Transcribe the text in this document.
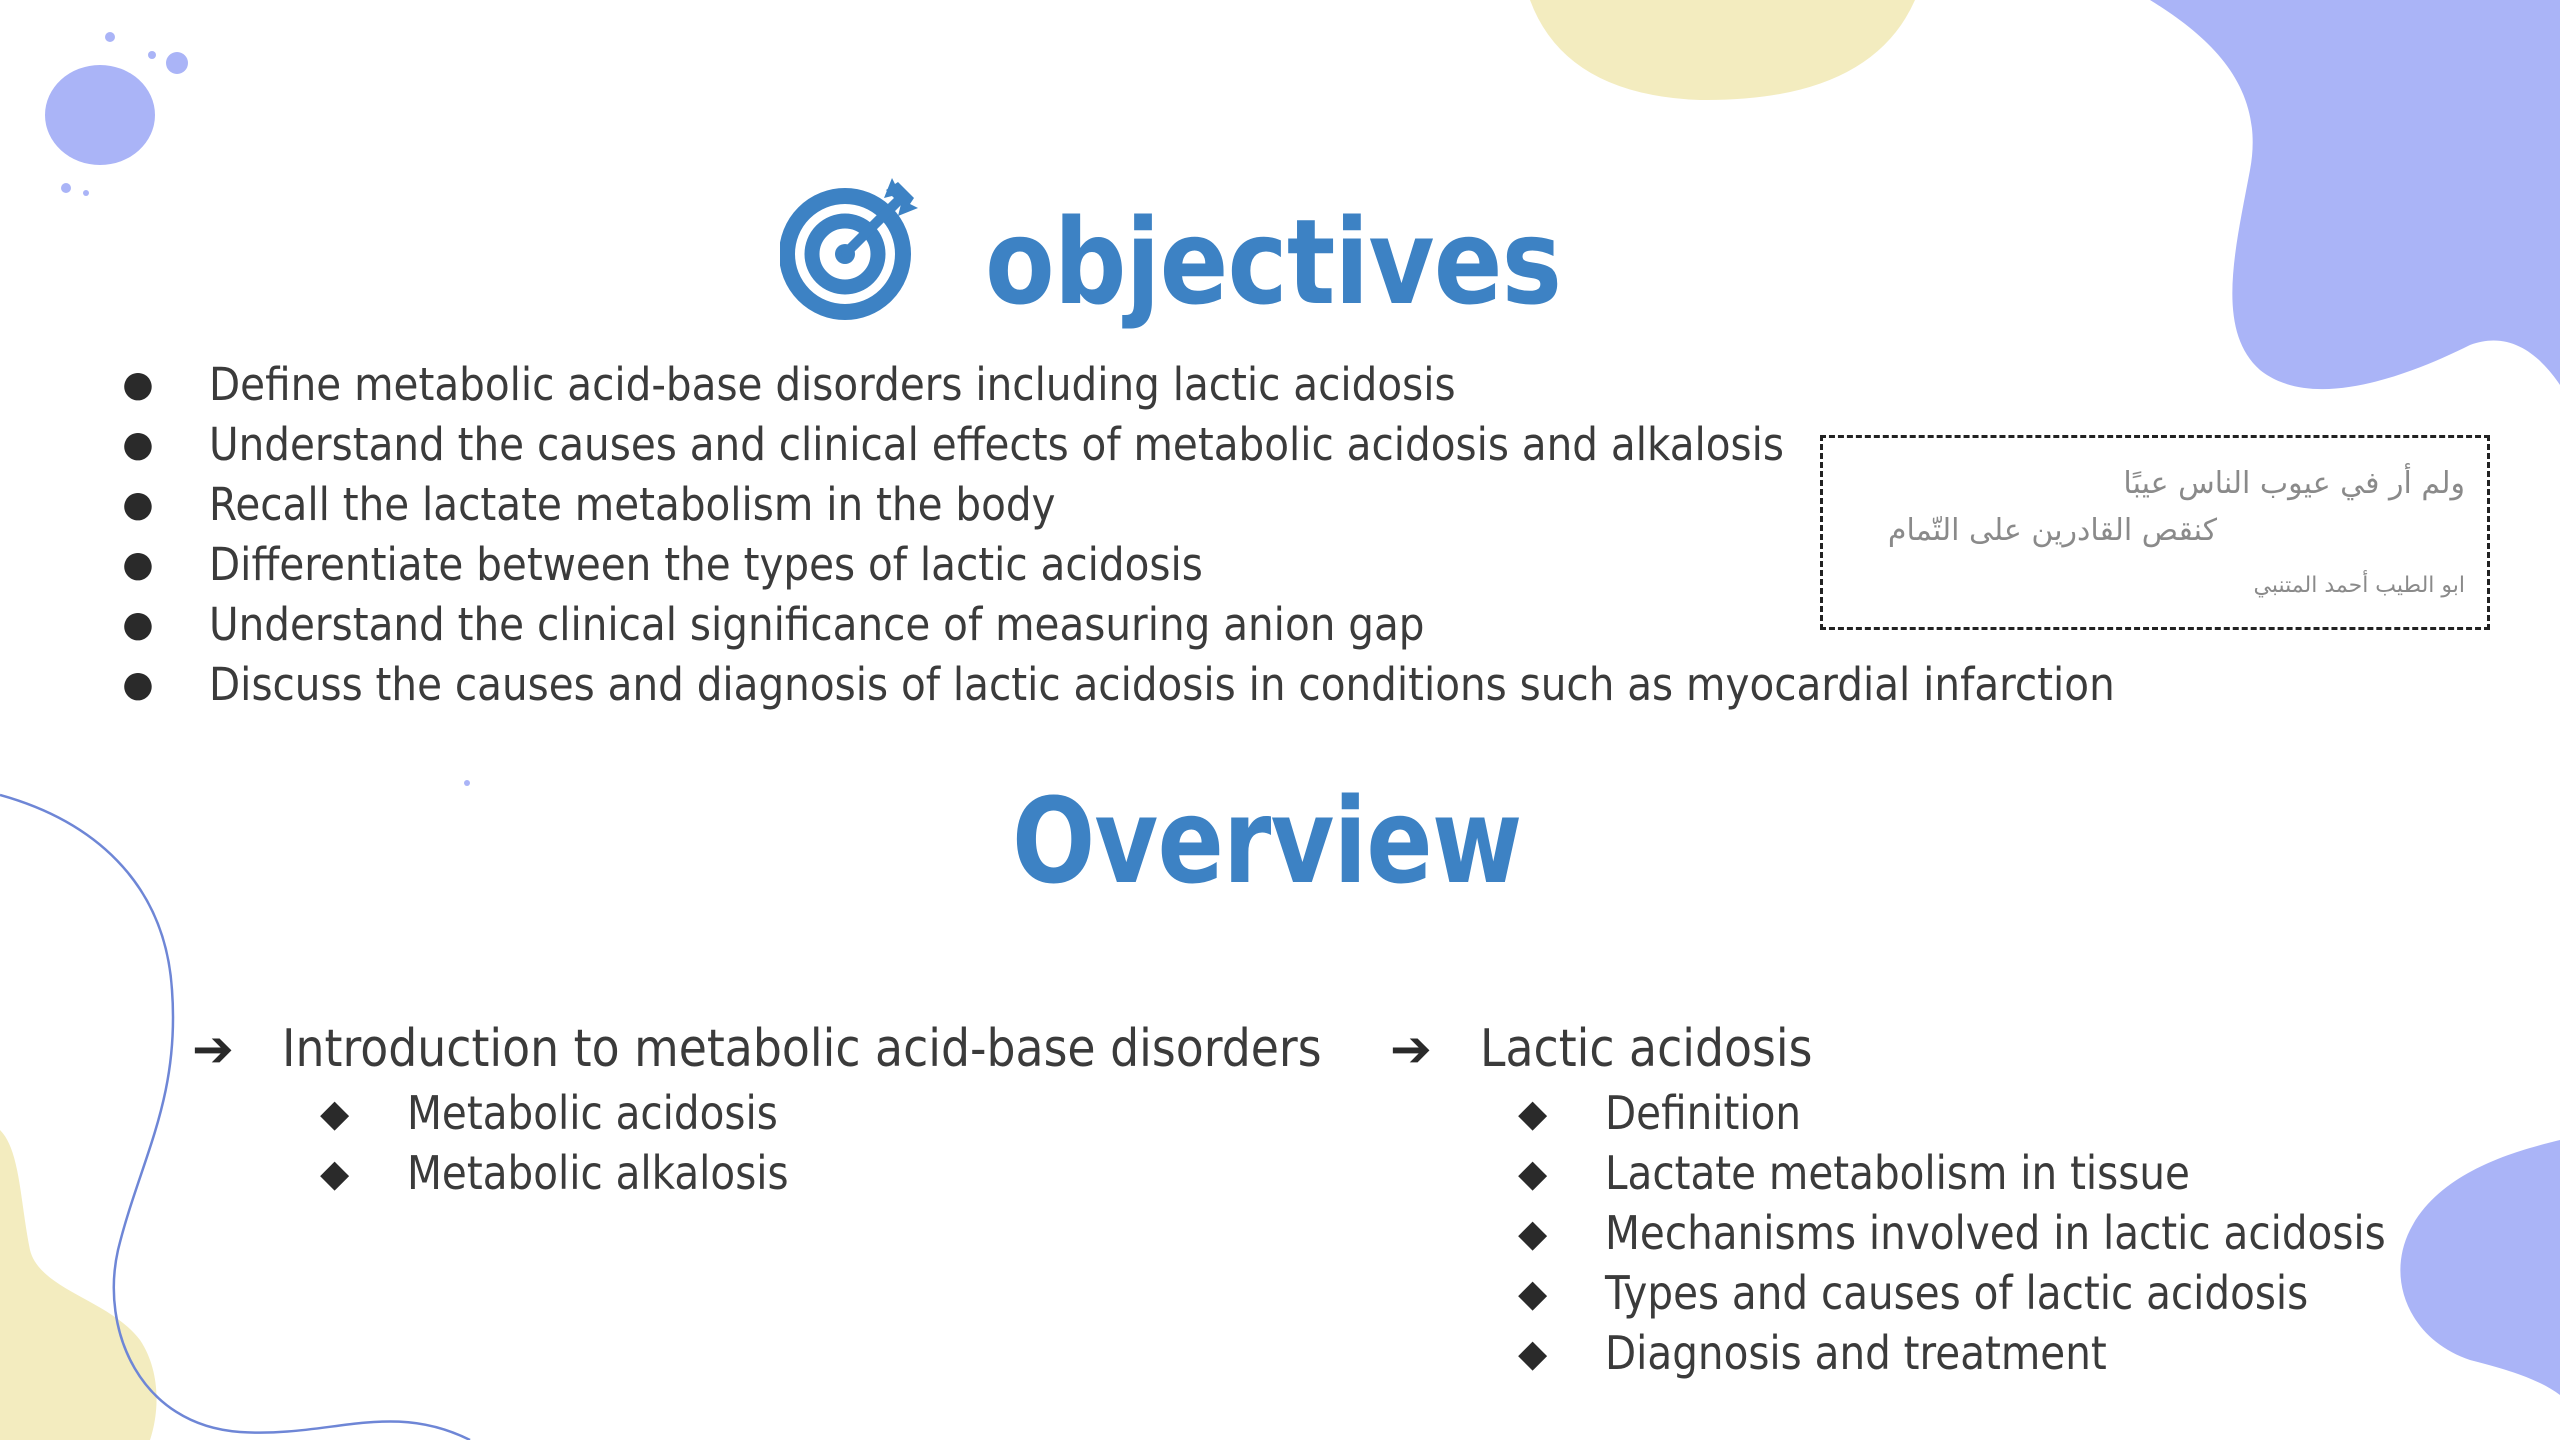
objectives
● Define metabolic acid-base disorders including lactic acidosis
● Understand the causes and clinical effects of metabolic acidosis and alkalosis
● Recall the lactate metabolism in the body
● Differentiate between the types of lactic acidosis
● Understand the clinical significance of measuring anion gap
● Discuss the causes and diagnosis of lactic acidosis in conditions such as myocardial infarction
ولم أر في عيوب الناس عيبًا
كنقص القادرين على التّمام
ابو الطيب أحمد المتنبي
Overview
➔ Introduction to metabolic acid-base disorders
◆ Metabolic acidosis
◆ Metabolic alkalosis
➔ Lactic acidosis
◆ Definition
◆ Lactate metabolism in tissue
◆ Mechanisms involved in lactic acidosis
◆ Types and causes of lactic acidosis
◆ Diagnosis and treatment
